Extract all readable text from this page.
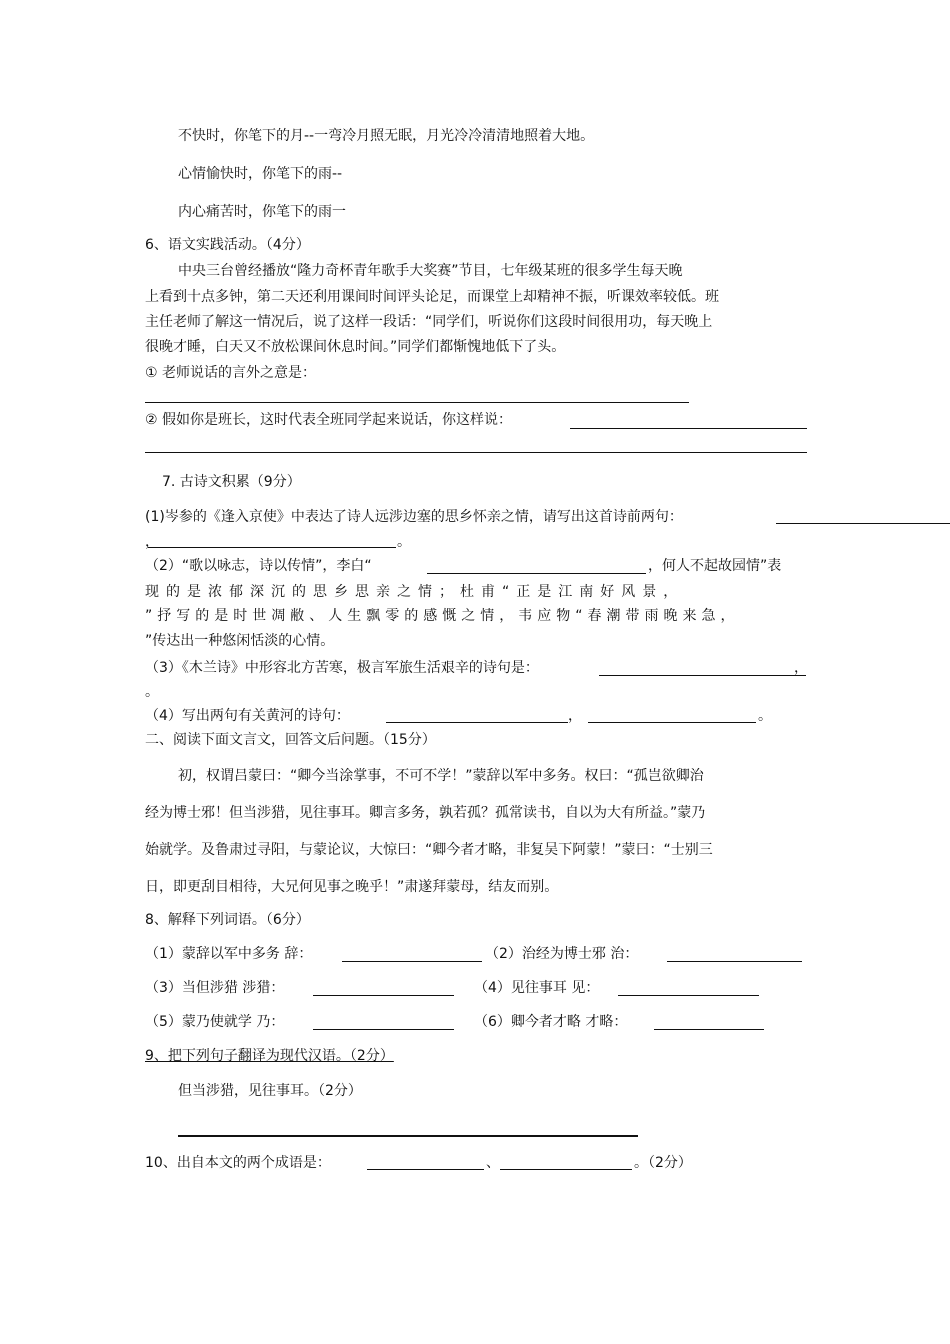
不快时，你笔下的月--一弯冷月照无眠，月光冷冷清清地照着大地。
心情愉快时，你笔下的雨--
内心痛苦时，你笔下的雨一
6、语文实践活动。（4分）
中央三台曾经播放“隆力奇杯青年歌手大奖赛”节目，七年级某班的很多学生每天晚
上看到十点多钟，第二天还利用课间时间评头论足，而课堂上却精神不振，听课效率较低。班
主任老师了解这一情况后，说了这样一段话：“同学们，听说你们这段时间很用功，每天晚上
很晚才睡，白天又不放松课间休息时间。”同学们都惭愧地低下了头。
① 老师说话的言外之意是：
② 假如你是班长，这时代表全班同学起来说话，你这样说：
7. 古诗文积累（9分）
(1)岑参的《逢入京使》中表达了诗人远涉边塞的思乡怀亲之情，请写出这首诗前两句：
，	。
（2）“歌以咏志，诗以传情”，李白“	，何人不起故园情”表
现的是浓郁深沉的思乡思亲之情；杜甫“正是江南好风景，
”抒写的是时世凋敝、人生飘零的感慨之情，韦应物“春潮带雨晚来急，
”传达出一种悠闲恬淡的心情。
（3）《木兰诗》中形容北方苦寒，极言军旅生活艰辛的诗句是：	，
。
（4）写出两句有关黄河的诗句：	，	。
二、阅读下面文言文，回答文后问题。（15分）
初，权谓吕蒙曰：“卿今当涂掌事，不可不学！”蒙辞以军中多务。权曰：“孤岂欲卿治
经为博士邪！但当涉猎，见往事耳。卿言多务，孰若孤？孤常读书，自以为大有所益。”蒙乃
始就学。及鲁肃过寻阳，与蒙论议，大惊曰：“卿今者才略，非复吴下阿蒙！”蒙曰：“士别三
日，即更刮目相待，大兄何见事之晚乎！”肃遂拜蒙母，结友而别。
8、解释下列词语。（6分）
（1）蒙辞以军中多务 辞：	（2）治经为博士邪 治：
（3）当但涉猎 涉猎：	（4）见往事耳 见：
（5）蒙乃使就学 乃：	（6）卿今者才略 才略：
9、把下列句子翻译为现代汉语。（2分）
但当涉猎，见往事耳。（2分）
10、出自本文的两个成语是：	、	。（2分）
